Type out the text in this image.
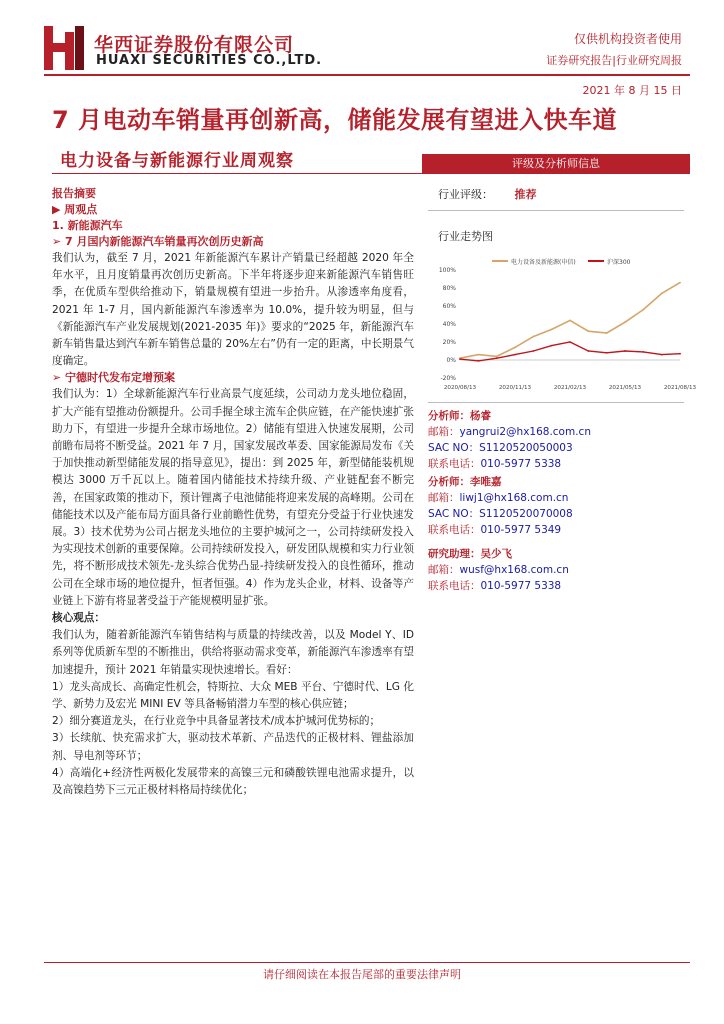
华西证券股份有限公司
HUAXI SECURITIES CO.,LTD.
仅供机构投资者使用
证券研究报告|行业研究周报
2021 年 8 月 15 日
7 月电动车销量再创新高，储能发展有望进入快车道
电力设备与新能源行业周观察	评级及分析师信息
行业评级： 推荐
行业走势图
100%
80%
60%
40%
20%
0%
-20%
2020/08/13	2020/11/13	2021/02/13	2021/05/13	2021/08/13
电力设备及新能源(申信)	沪深300
分析师：杨睿
邮箱：yangrui2@hx168.com.cn
SAC NO：S1120520050003
联系电话：010-5977 5338
分析师：李唯嘉
邮箱：liwj1@hx168.com.cn
SAC NO：S1120520070008
联系电话：010-5977 5349
研究助理：吴少飞
邮箱：wusf@hx168.com.cn
联系电话：010-5977 5338
报告摘要
▶ 周观点
1. 新能源汽车
➢ 7 月国内新能源汽车销量再次创历史新高

我们认为，截至 7 月，2021 年新能源汽车累计产销量已经超越 2020 年全年水平，且月度销量再次创历史新高。下半年将逐步迎来新能源汽车销售旺季，在优质车型供给推动下，销量规模有望进一步抬升。从渗透率角度看，2021 年 1-7 月，国内新能源汽车渗透率为 10.0%，提升较为明显，但与《新能源汽车产业发展规划(2021-2035 年)》要求的“2025 年，新能源汽车新车销售量达到汽车新车销售总量的 20%左右”仍有一定的距离，中长期景气度确定。

➢ 宁德时代发布定增预案

我们认为：1）全球新能源汽车行业高景气度延续，公司动力龙头地位稳固，扩大产能有望推动份额提升。公司手握全球主流车企供应链，在产能快速扩张助力下，有望进一步提升全球市场地位。2）储能有望进入快速发展期，公司前瞻布局将不断受益。2021 年 7 月，国家发展改革委、国家能源局发布《关于加快推动新型储能发展的指导意见》，提出：到 2025 年，新型储能装机规模达 3000 万千瓦以上。随着国内储能技术持续升级、产业链配套不断完善，在国家政策的推动下，预计锂离子电池储能将迎来发展的高峰期。公司在储能技术以及产能布局方面具备行业前瞻性优势，有望充分受益于行业快速发展。3）技术优势为公司占据龙头地位的主要护城河之一，公司持续研发投入为实现技术创新的重要保障。公司持续研发投入，研发团队规模和实力行业领先，将不断形成技术领先-龙头综合优势凸显-持续研发投入的良性循环，推动公司在全球市场的地位提升，恒者恒强。4）作为龙头企业，材料、设备等产业链上下游有将显著受益于产能规模明显扩张。

核心观点：

我们认为，随着新能源汽车销售结构与质量的持续改善，以及 Model Y、ID 系列等优质新车型的不断推出，供给将驱动需求变革，新能源汽车渗透率有望加速提升，预计 2021 年销量实现快速增长。看好：

1）龙头高成长、高确定性机会，特斯拉、大众 MEB 平台、宁德时代、LG 化学、新势力及宏光 MINI EV 等具备畅销潜力车型的核心供应链；

2）细分赛道龙头，在行业竞争中具备显著技术/成本护城河优势标的；

3）长续航、快充需求扩大，驱动技术革新、产品迭代的正极材料、锂盐添加剂、导电剂等环节；

4）高端化+经济性两极化发展带来的高镍三元和磷酸铁锂电池需求提升，以及高镍趋势下三元正极材料格局持续优化；

请仔细阅读在本报告尾部的重要法律声明
